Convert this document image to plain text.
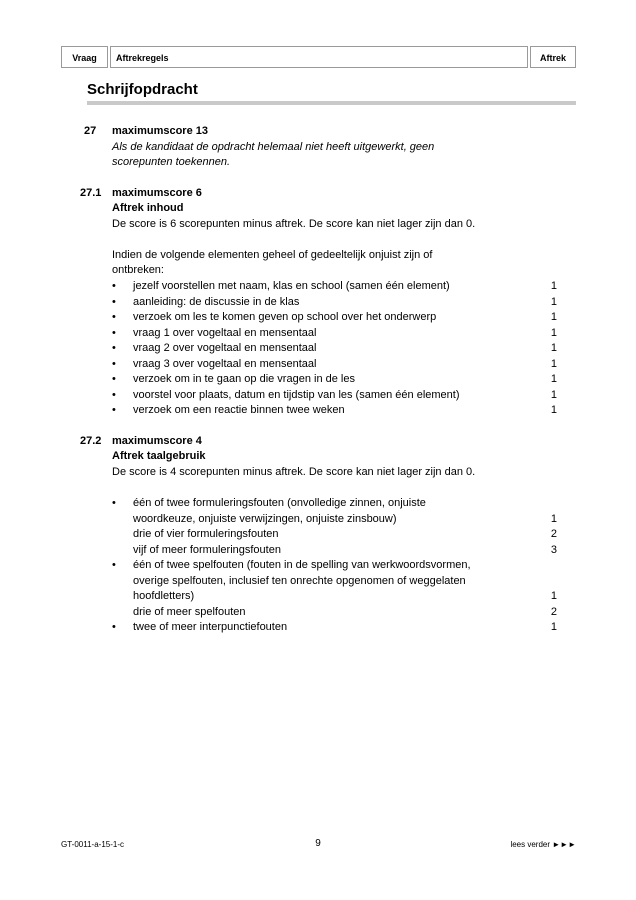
Vraag	Aftrekregels	Aftrek
Schrijfopdracht
27 maximumscore 13
Als de kandidaat de opdracht helemaal niet heeft uitgewerkt, geen
scorepunten toekennen.
27.1 maximumscore 6
Aftrek inhoud
De score is 6 scorepunten minus aftrek. De score kan niet lager zijn dan 0.
Indien de volgende elementen geheel of gedeeltelijk onjuist zijn of
ontbreken:
• jezelf voorstellen met naam, klas en school (samen één element)	1
• aanleiding: de discussie in de klas	1
• verzoek om les te komen geven op school over het onderwerp	1
• vraag 1 over vogeltaal en mensentaal	1
• vraag 2 over vogeltaal en mensentaal	1
• vraag 3 over vogeltaal en mensentaal	1
• verzoek om in te gaan op die vragen in de les	1
• voorstel voor plaats, datum en tijdstip van les (samen één element)	1
• verzoek om een reactie binnen twee weken	1
27.2 maximumscore 4
Aftrek taalgebruik
De score is 4 scorepunten minus aftrek. De score kan niet lager zijn dan 0.
• één of twee formuleringsfouten (onvolledige zinnen, onjuiste
woordkeuze, onjuiste verwijzingen, onjuiste zinsbouw)	1
drie of vier formuleringsfouten	2
vijf of meer formuleringsfouten	3
• één of twee spelfouten (fouten in de spelling van werkwoordsvormen,
overige spelfouten, inclusief ten onrechte opgenomen of weggelaten
hoofdletters)	1
drie of meer spelfouten	2
• twee of meer interpunctiefouten	1
GT-0011-a-15-1-c	9	lees verder ►►►
